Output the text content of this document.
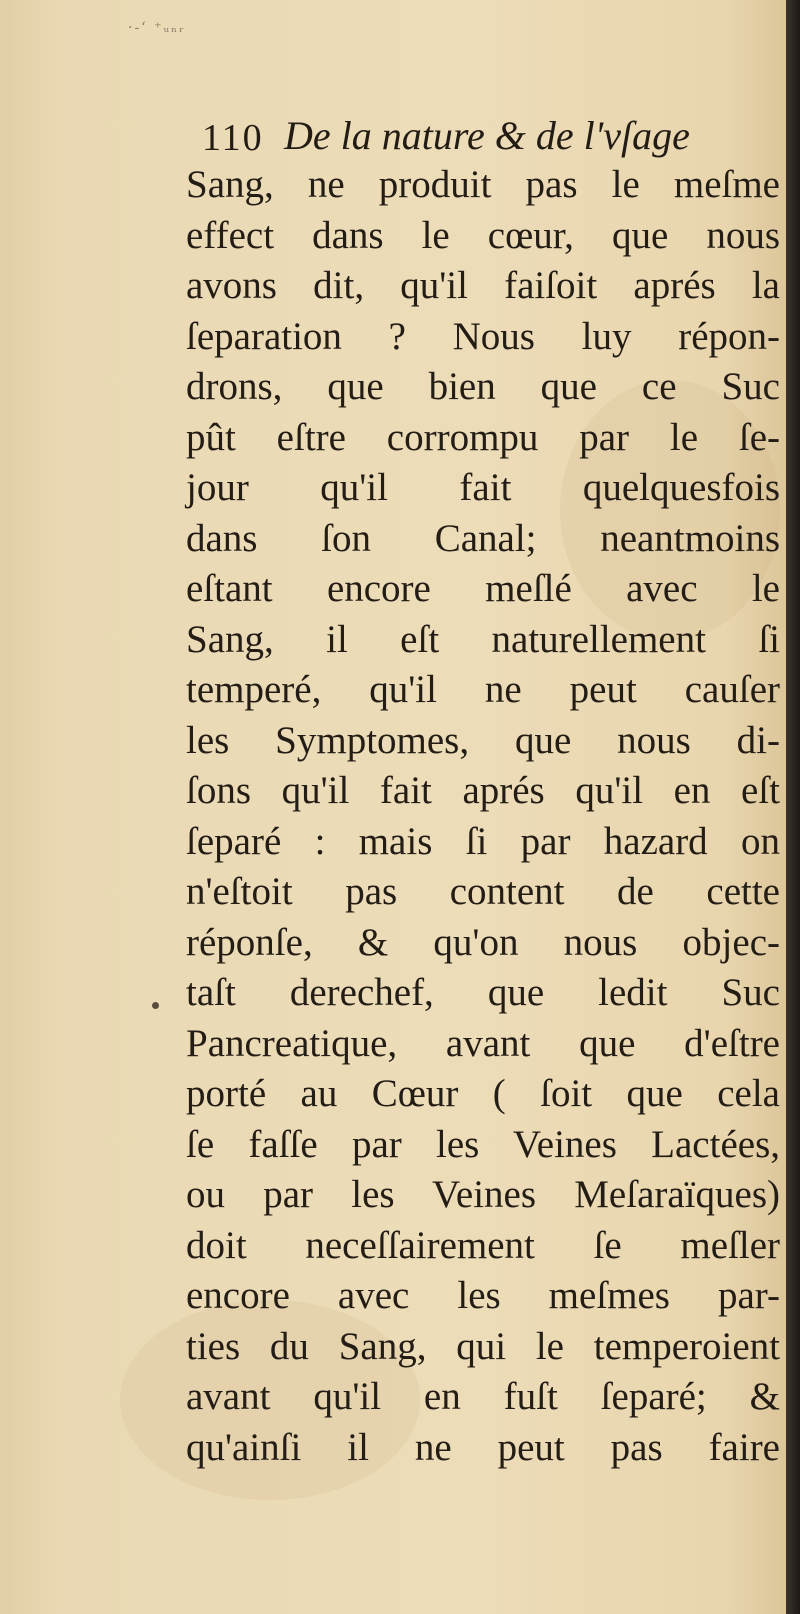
·-ʻ ⁺ᵤₙᵣ
110 De la nature & de l'vſage
Sang, ne produit pas le meſme
effect dans le cœur, que nous
avons dit, qu'il faiſoit aprés la
ſeparation ? Nous luy répon-
drons, que bien que ce Suc
pût eſtre corrompu par le ſe-
jour qu'il fait quelquesfois
dans ſon Canal; neantmoins
eſtant encore meſlé avec le
Sang, il eſt naturellement ſi
temperé, qu'il ne peut cauſer
les Symptomes, que nous di-
ſons qu'il fait aprés qu'il en eſt
ſeparé : mais ſi par hazard on
n'eſtoit pas content de cette
réponſe, & qu'on nous objec-
taſt derechef, que ledit Suc
Pancreatique, avant que d'eſtre
porté au Cœur ( ſoit que cela
ſe faſſe par les Veines Lactées,
ou par les Veines Meſaraïques)
doit neceſſairement ſe meſler
encore avec les meſmes par-
ties du Sang, qui le temperoient
avant qu'il en fuſt ſeparé; &
qu'ainſi il ne peut pas faire
